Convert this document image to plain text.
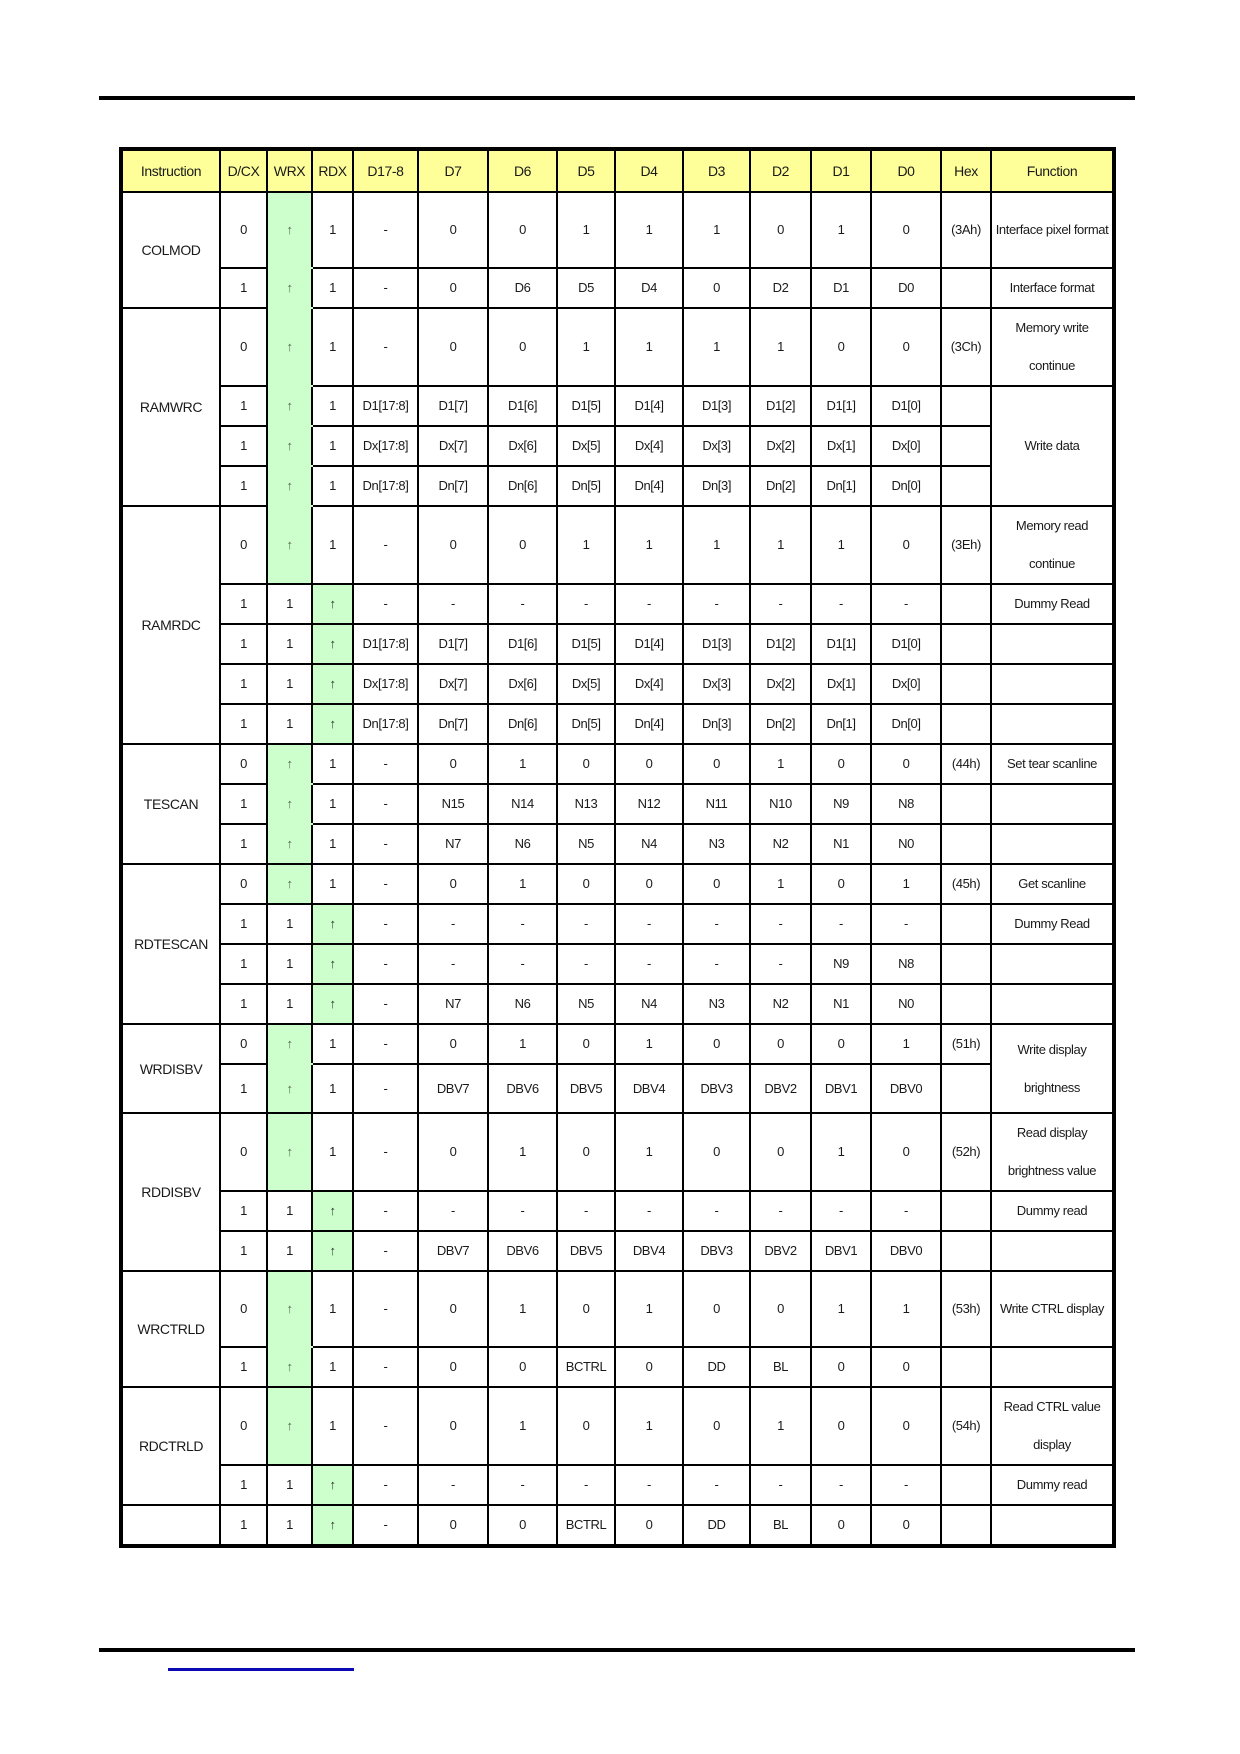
Instruction	D/CX	WRX	RDX	D17-8	D7	D6	D5	D4	D3	D2	D1	D0	Hex	Function
COLMOD	0	↑	1	-	0	0	1	1	1	0	1	0	(3Ah)	Interface pixel format
	1	↑	1	-	0	D6	D5	D4	0	D2	D1	D0		Interface format
RAMWRC	0	↑	1	-	0	0	1	1	1	1	0	0	(3Ch)	Memory write continue
	1	↑	1	D1[17:8]	D1[7]	D1[6]	D1[5]	D1[4]	D1[3]	D1[2]	D1[1]	D1[0]		Write data
	1	↑	1	Dx[17:8]	Dx[7]	Dx[6]	Dx[5]	Dx[4]	Dx[3]	Dx[2]	Dx[1]	Dx[0]		
	1	↑	1	Dn[17:8]	Dn[7]	Dn[6]	Dn[5]	Dn[4]	Dn[3]	Dn[2]	Dn[1]	Dn[0]		
RAMRDC	0	↑	1	-	0	0	1	1	1	1	1	0	(3Eh)	Memory read continue
	1	1	↑	-	-	-	-	-	-	-	-	-		Dummy Read
	1	1	↑	D1[17:8]	D1[7]	D1[6]	D1[5]	D1[4]	D1[3]	D1[2]	D1[1]	D1[0]		
	1	1	↑	Dx[17:8]	Dx[7]	Dx[6]	Dx[5]	Dx[4]	Dx[3]	Dx[2]	Dx[1]	Dx[0]		
	1	1	↑	Dn[17:8]	Dn[7]	Dn[6]	Dn[5]	Dn[4]	Dn[3]	Dn[2]	Dn[1]	Dn[0]		
TESCAN	0	↑	1	-	0	1	0	0	0	1	0	0	(44h)	Set tear scanline
	1	↑	1	-	N15	N14	N13	N12	N11	N10	N9	N8		
	1	↑	1	-	N7	N6	N5	N4	N3	N2	N1	N0		
RDTESCAN	0	↑	1	-	0	1	0	0	0	1	0	1	(45h)	Get scanline
	1	1	↑	-	-	-	-	-	-	-	-	-		Dummy Read
	1	1	↑	-	-	-	-	-	-	-	N9	N8		
	1	1	↑	-	N7	N6	N5	N4	N3	N2	N1	N0		
WRDISBV	0	↑	1	-	0	1	0	1	0	0	0	1	(51h)	Write display brightness
	1	↑	1	-	DBV7	DBV6	DBV5	DBV4	DBV3	DBV2	DBV1	DBV0		
RDDISBV	0	↑	1	-	0	1	0	1	0	0	1	0	(52h)	Read display brightness value
	1	1	↑	-	-	-	-	-	-	-	-	-		Dummy read
	1	1	↑	-	DBV7	DBV6	DBV5	DBV4	DBV3	DBV2	DBV1	DBV0		
WRCTRLD	0	↑	1	-	0	1	0	1	0	0	1	1	(53h)	Write CTRL display
	1	↑	1	-	0	0	BCTRL	0	DD	BL	0	0		
RDCTRLD	0	↑	1	-	0	1	0	1	0	1	0	0	(54h)	Read CTRL value display
	1	1	↑	-	-	-	-	-	-	-	-	-		Dummy read
	1	1	↑	-	0	0	BCTRL	0	DD	BL	0	0		
